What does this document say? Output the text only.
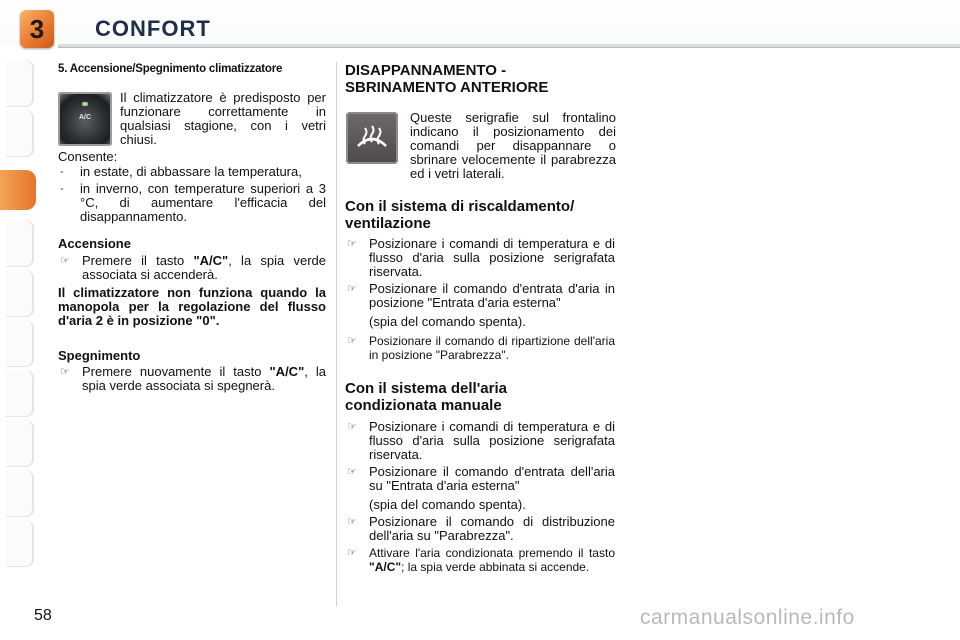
3	CONFORT
5. Accensione/Spegnimento climatizzatore
A/C

Il climatizzatore è predisposto per funzionare correttamente in qualsiasi stagione, con i vetri chiusi.

Consente:

- in estate, di abbassare la temperatura,
- in inverno, con temperature superiori a 3 °C, di aumentare l'efficacia del disappannamento.

Accensione

☞ Premere il tasto "A/C", la spia verde associata si accenderà.

Il climatizzatore non funziona quando la manopola per la regolazione del flusso d'aria 2 è in posizione "0".

Spegnimento

☞ Premere nuovamente il tasto "A/C", la spia verde associata si spegnerà.
DISAPPANNAMENTO - SBRINAMENTO ANTERIORE

Queste serigrafie sul frontalino indicano il posizionamento dei comandi per disappannare o sbrinare velocemente il parabrezza ed i vetri laterali.

Con il sistema di riscaldamento/ ventilazione
☞ Posizionare i comandi di temperatura e di flusso d'aria sulla posizione serigrafata riservata.
☞ Posizionare il comando d'entrata d'aria in posizione "Entrata d'aria esterna"
(spia del comando spenta).
☞ Posizionare il comando di ripartizione dell'aria in posizione "Parabrezza".
Con il sistema dell'aria condizionata manuale
☞ Posizionare i comandi di temperatura e di flusso d'aria sulla posizione serigrafata riservata.
☞ Posizionare il comando d'entrata dell'aria su "Entrata d'aria esterna"
(spia del comando spenta).
☞ Posizionare il comando di distribuzione dell'aria su "Parabrezza".
☞ Attivare l'aria condizionata premendo il tasto "A/C"; la spia verde abbinata si accende.
58	carmanualsonline.info
